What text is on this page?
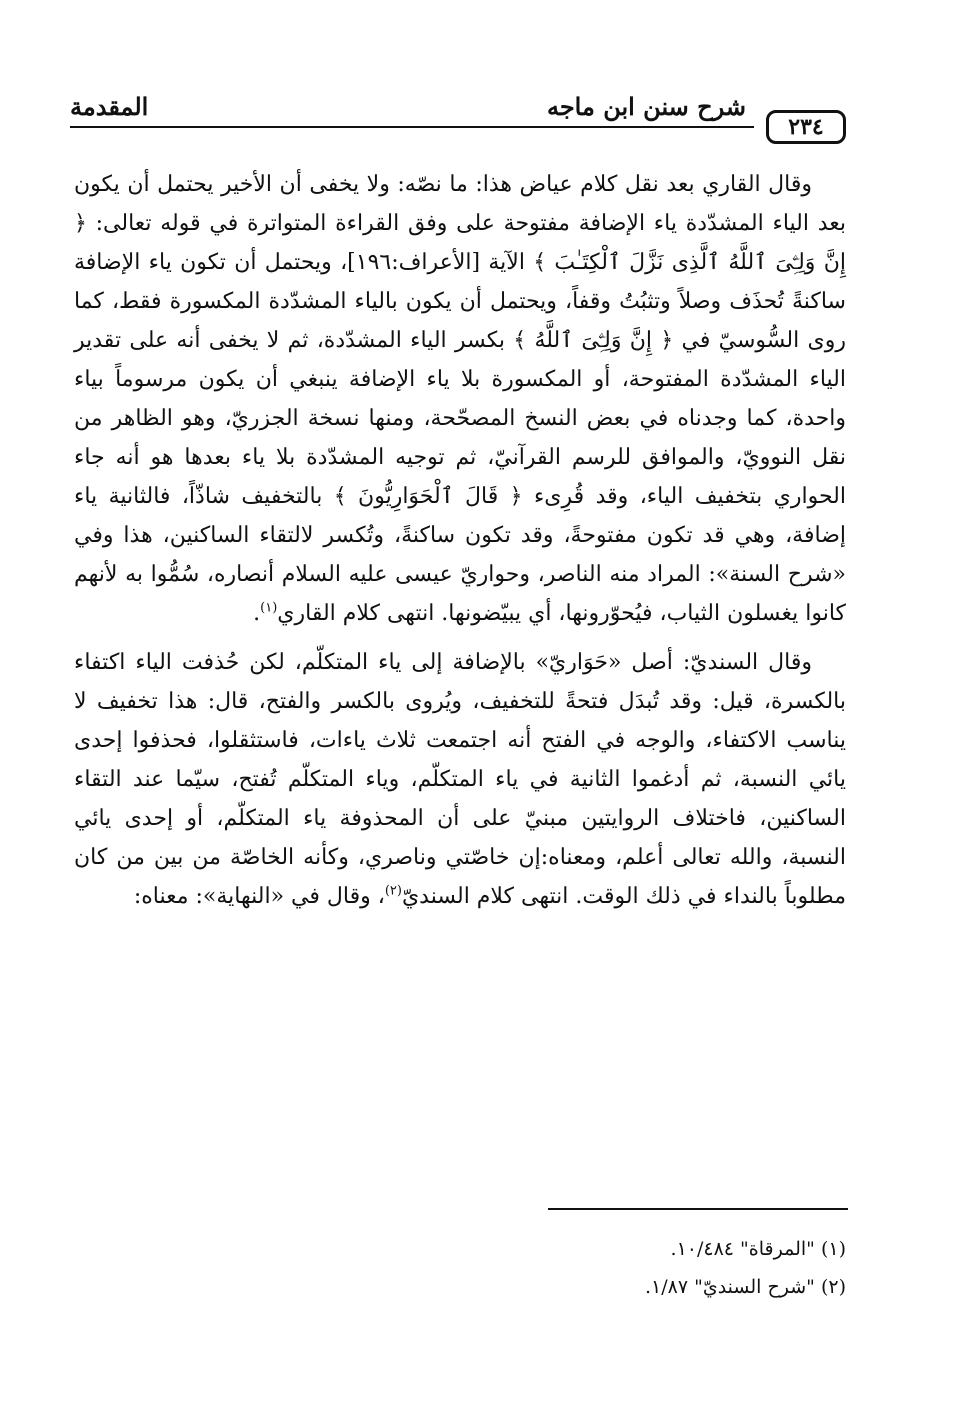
شرح سنن ابن ماجه
المقدمة
٢٣٤

وقال القاري بعد نقل كلام عياض هذا: ما نصّه: ولا يخفى أن الأخير يحتمل أن يكون بعد الياء المشدّدة ياء الإضافة مفتوحة على وفق القراءة المتواترة في قوله تعالى: ﴿ إِنَّ وَلِـِّۧىَ ٱللَّهُ ٱلَّذِى نَزَّلَ ٱلْكِتَـٰبَ ﴾ الآية [الأعراف:١٩٦]، ويحتمل أن تكون ياء الإضافة ساكنةً تُحذَف وصلاً وتثبُتُ وقفاً، ويحتمل أن يكون بالياء المشدّدة المكسورة فقط، كما روى السُّوسيّ في ﴿ إِنَّ وَلِـِّۧىَ ٱللَّهُ ﴾ بكسر الياء المشدّدة، ثم لا يخفى أنه على تقدير الياء المشدّدة المفتوحة، أو المكسورة بلا ياء الإضافة ينبغي أن يكون مرسوماً بياء واحدة، كما وجدناه في بعض النسخ المصحّحة، ومنها نسخة الجزريّ، وهو الظاهر من نقل النوويّ، والموافق للرسم القرآنيّ، ثم توجيه المشدّدة بلا ياء بعدها هو أنه جاء الحواري بتخفيف الياء، وقد قُرِىء ﴿ قَالَ ٱلْحَوَارِيُّونَ ﴾ بالتخفيف شاذّاً، فالثانية ياء إضافة، وهي قد تكون مفتوحةً، وقد تكون ساكنةً، وتُكسر لالتقاء الساكنين، هذا وفي «شرح السنة»: المراد منه الناصر، وحواريّ عيسى عليه السلام أنصاره، سُمُّوا به لأنهم كانوا يغسلون الثياب، فيُحوّرونها، أي يبيّضونها. انتهى كلام القاري$^{(١)}$.

وقال السنديّ: أصل «حَوَاريّ» بالإضافة إلى ياء المتكلّم، لكن حُذفت الياء اكتفاء بالكسرة، قيل: وقد تُبدَل فتحةً للتخفيف، ويُروى بالكسر والفتح، قال: هذا تخفيف لا يناسب الاكتفاء، والوجه في الفتح أنه اجتمعت ثلاث ياءات، فاستثقلوا، فحذفوا إحدى يائي النسبة، ثم أدغموا الثانية في ياء المتكلّم، وياء المتكلّم تُفتح، سيّما عند التقاء الساكنين، فاختلاف الروايتين مبنيّ على أن المحذوفة ياء المتكلّم، أو إحدى يائي النسبة، والله تعالى أعلم، ومعناه:إن خاصّتي وناصري، وكأنه الخاصّة من بين من كان مطلوباً بالنداء في ذلك الوقت. انتهى كلام السنديّ$^{(٢)}$، وقال في «النهاية»: معناه:

(١) "المرقاة" ١٠/٤٨٤.

(٢) "شرح السنديّ" ١/٨٧.
